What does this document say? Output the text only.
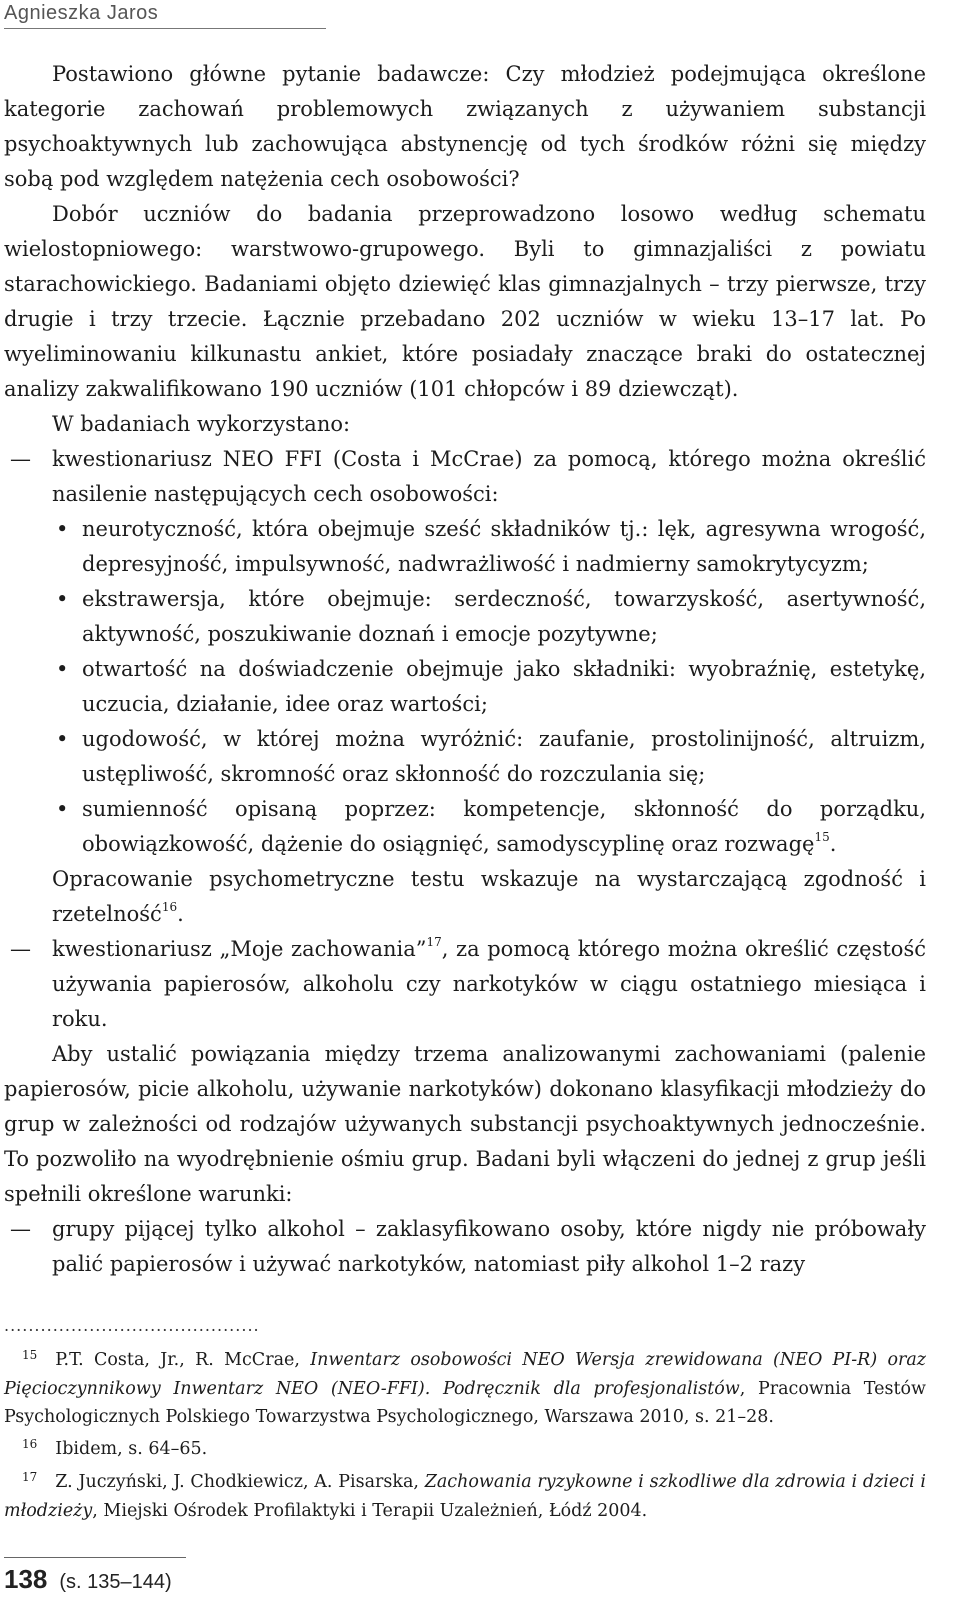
Agnieszka Jaros

Postawiono główne pytanie badawcze: Czy młodzież podejmująca określone kategorie zachowań problemowych związanych z używaniem substancji psychoaktywnych lub zachowująca abstynencję od tych środków różni się między sobą pod względem natężenia cech osobowości?

Dobór uczniów do badania przeprowadzono losowo według schematu wielostopniowego: warstwowo-grupowego. Byli to gimnazjaliści z powiatu starachowickiego. Badaniami objęto dziewięć klas gimnazjalnych – trzy pierwsze, trzy drugie i trzy trzecie. Łącznie przebadano 202 uczniów w wieku 13–17 lat. Po wyeliminowaniu kilkunastu ankiet, które posiadały znaczące braki do ostatecznej analizy zakwalifikowano 190 uczniów (101 chłopców i 89 dziewcząt).

W badaniach wykorzystano:

— kwestionariusz NEO FFI (Costa i McCrae) za pomocą, którego można określić nasilenie następujących cech osobowości:

• neurotyczność, która obejmuje sześć składników tj.: lęk, agresywna wrogość, depresyjność, impulsywność, nadwrażliwość i nadmierny samokrytycyzm;
• ekstrawersja, które obejmuje: serdeczność, towarzyskość, asertywność, aktywność, poszukiwanie doznań i emocje pozytywne;
• otwartość na doświadczenie obejmuje jako składniki: wyobraźnię, estetykę, uczucia, działanie, idee oraz wartości;
• ugodowość, w której można wyróżnić: zaufanie, prostolinijność, altruizm, ustępliwość, skromność oraz skłonność do rozczulania się;
• sumienność opisaną poprzez: kompetencje, skłonność do porządku, obowiązkowość, dążenie do osiągnięć, samodyscyplinę oraz rozwagę$^{15}$.

Opracowanie psychometryczne testu wskazuje na wystarczającą zgodność i rzetelność$^{16}$.

— kwestionariusz „Moje zachowania”$^{17}$, za pomocą którego można określić częstość używania papierosów, alkoholu czy narkotyków w ciągu ostatniego miesiąca i roku.

Aby ustalić powiązania między trzema analizowanymi zachowaniami (palenie papierosów, picie alkoholu, używanie narkotyków) dokonano klasyfikacji młodzieży do grup w zależności od rodzajów używanych substancji psychoaktywnych jednocześnie. To pozwoliło na wyodrębnienie ośmiu grup. Badani byli włączeni do jednej z grup jeśli spełnili określone warunki:

— grupy pijącej tylko alkohol – zaklasyfikowano osoby, które nigdy nie próbowały palić papierosów i używać narkotyków, natomiast piły alkohol 1–2 razy

..........................................

$^{15}$ P.T. Costa, Jr., R. McCrae, Inwentarz osobowości NEO Wersja zrewidowana (NEO PI-R) oraz Pięcioczynnikowy Inwentarz NEO (NEO-FFI). Podręcznik dla profesjonalistów, Pracownia Testów Psychologicznych Polskiego Towarzystwa Psychologicznego, Warszawa 2010, s. 21–28.

$^{16}$ Ibidem, s. 64–65.

$^{17}$ Z. Juczyński, J. Chodkiewicz, A. Pisarska, Zachowania ryzykowne i szkodliwe dla zdrowia i dzieci i młodzieży, Miejski Ośrodek Profilaktyki i Terapii Uzależnień, Łódź 2004.

138 (s. 135–144)
